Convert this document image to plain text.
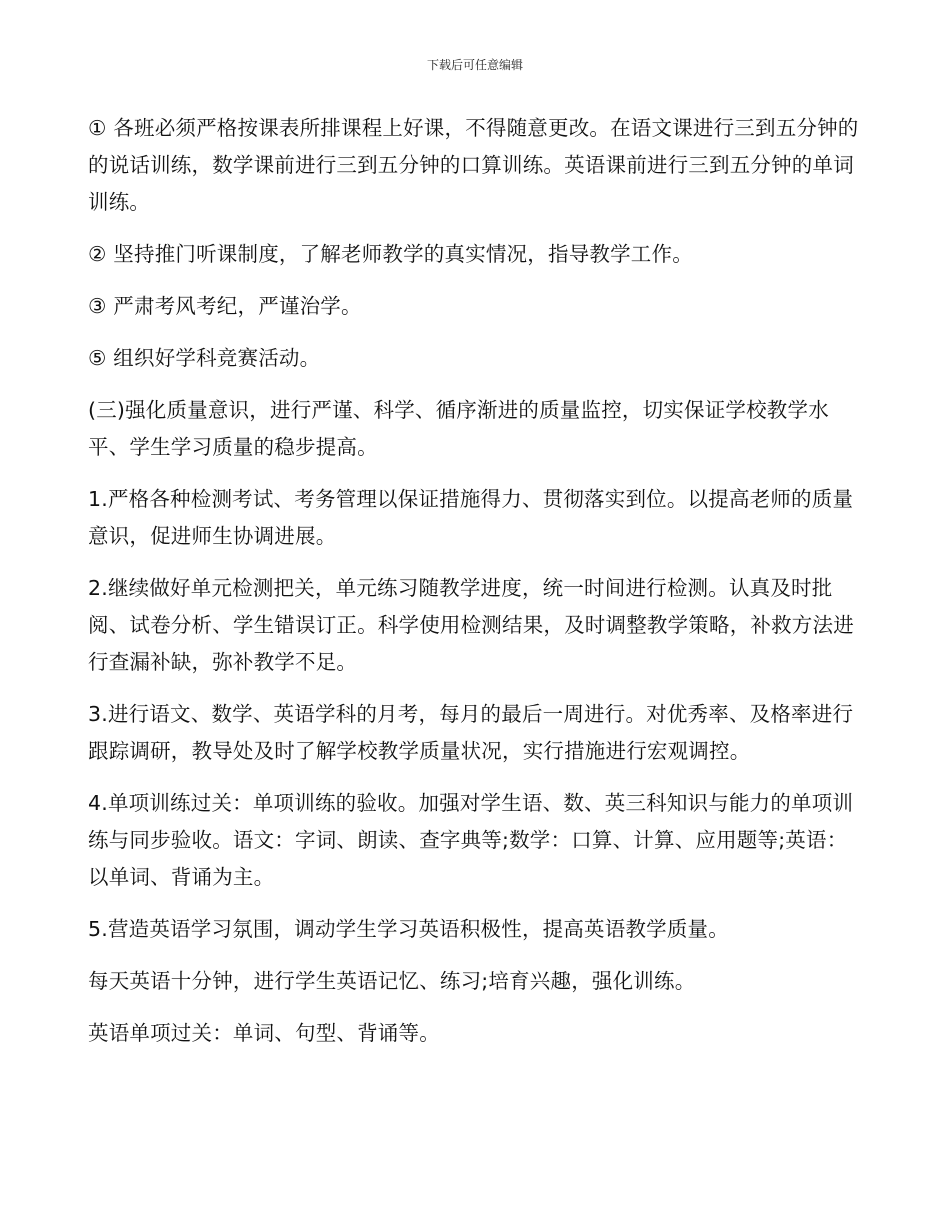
下载后可任意编辑

① 各班必须严格按课表所排课程上好课，不得随意更改。在语文课进行三到五分钟的的说话训练，数学课前进行三到五分钟的口算训练。英语课前进行三到五分钟的单词训练。

② 坚持推门听课制度，了解老师教学的真实情况，指导教学工作。

③ 严肃考风考纪，严谨治学。

⑤ 组织好学科竞赛活动。

(三)强化质量意识，进行严谨、科学、循序渐进的质量监控，切实保证学校教学水平、学生学习质量的稳步提高。

1.严格各种检测考试、考务管理以保证措施得力、贯彻落实到位。以提高老师的质量意识，促进师生协调进展。

2.继续做好单元检测把关，单元练习随教学进度，统一时间进行检测。认真及时批阅、试卷分析、学生错误订正。科学使用检测结果，及时调整教学策略，补救方法进行查漏补缺，弥补教学不足。

3.进行语文、数学、英语学科的月考，每月的最后一周进行。对优秀率、及格率进行跟踪调研，教导处及时了解学校教学质量状况，实行措施进行宏观调控。

4.单项训练过关：单项训练的验收。加强对学生语、数、英三科知识与能力的单项训练与同步验收。语文：字词、朗读、查字典等;数学：口算、计算、应用题等;英语：以单词、背诵为主。

5.营造英语学习氛围，调动学生学习英语积极性，提高英语教学质量。

每天英语十分钟，进行学生英语记忆、练习;培育兴趣，强化训练。

英语单项过关：单词、句型、背诵等。
